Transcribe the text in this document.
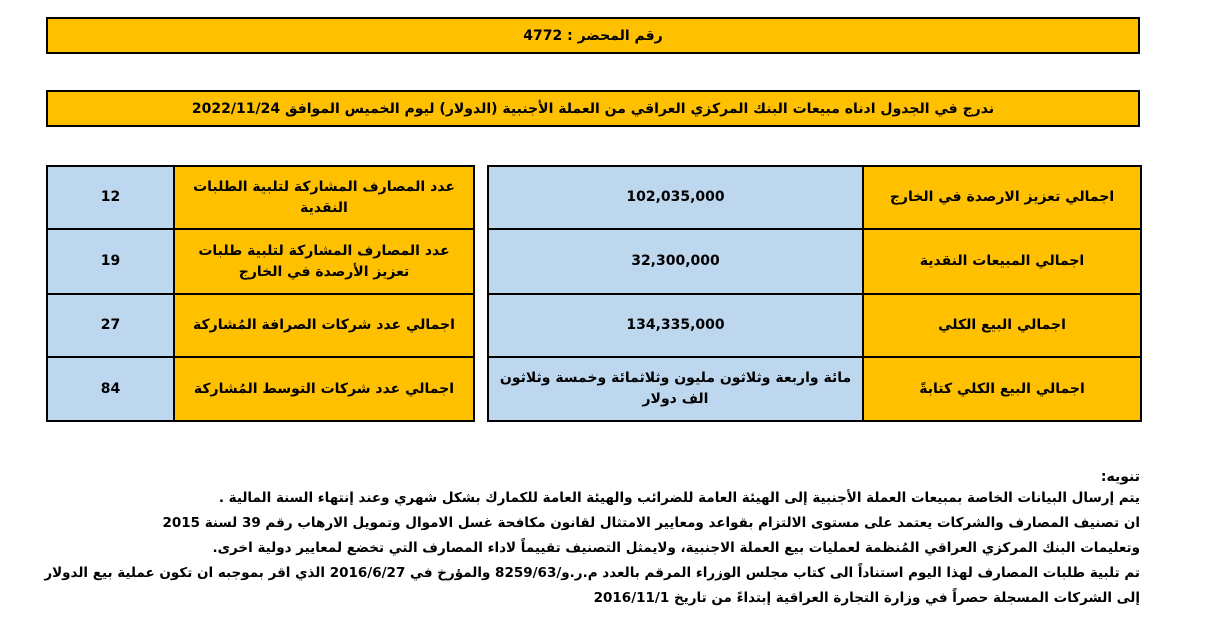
رقم المحضر : 4772
ندرج في الجدول ادناه مبيعات البنك المركزي العراقي من العملة الأجنبية (الدولار) ليوم الخميس الموافق 2022/11/24
اجمالي تعزيز الارصدة في الخارج	102,035,000
اجمالي المبيعات النقدية	32,300,000
اجمالي البيع الكلي	134,335,000
اجمالي البيع الكلي كتابةً	مائة واربعة وثلاثون مليون وثلاثمائة وخمسة وثلاثون الف دولار
عدد المصارف المشاركة لتلبية الطلبات النقدية	12
عدد المصارف المشاركة لتلبية طلبات تعزيز الأرصدة في الخارج	19
اجمالي عدد شركات الصرافة المُشاركة	27
اجمالي عدد شركات التوسط المُشاركة	84
تنويه:
يتم إرسال البيانات الخاصة بمبيعات العملة الأجنبية إلى الهيئة العامة للضرائب والهيئة العامة للكمارك بشكل شهري وعند إنتهاء السنة المالية .
ان تصنيف المصارف والشركات يعتمد على مستوى الالتزام بقواعد ومعايير الامتثال لقانون مكافحة غسل الاموال وتمويل الارهاب رقم 39 لسنة 2015
وتعليمات البنك المركزي العراقي المُنظمة لعمليات بيع العملة الاجنبية، ولايمثل التصنيف تقييماً لاداء المصارف التي تخضع لمعايير دولية اخرى.
تم تلبية طلبات المصارف لهذا اليوم استناداً الى كتاب مجلس الوزراء المرقم بالعدد م.ر.و/8259/63 والمؤرخ في 2016/6/27 الذي اقر بموجبه ان تكون عملية بيع الدولار
إلى الشركات المسجلة حصراً في وزارة التجارة العراقية إبتداءً من تاريخ 2016/11/1
